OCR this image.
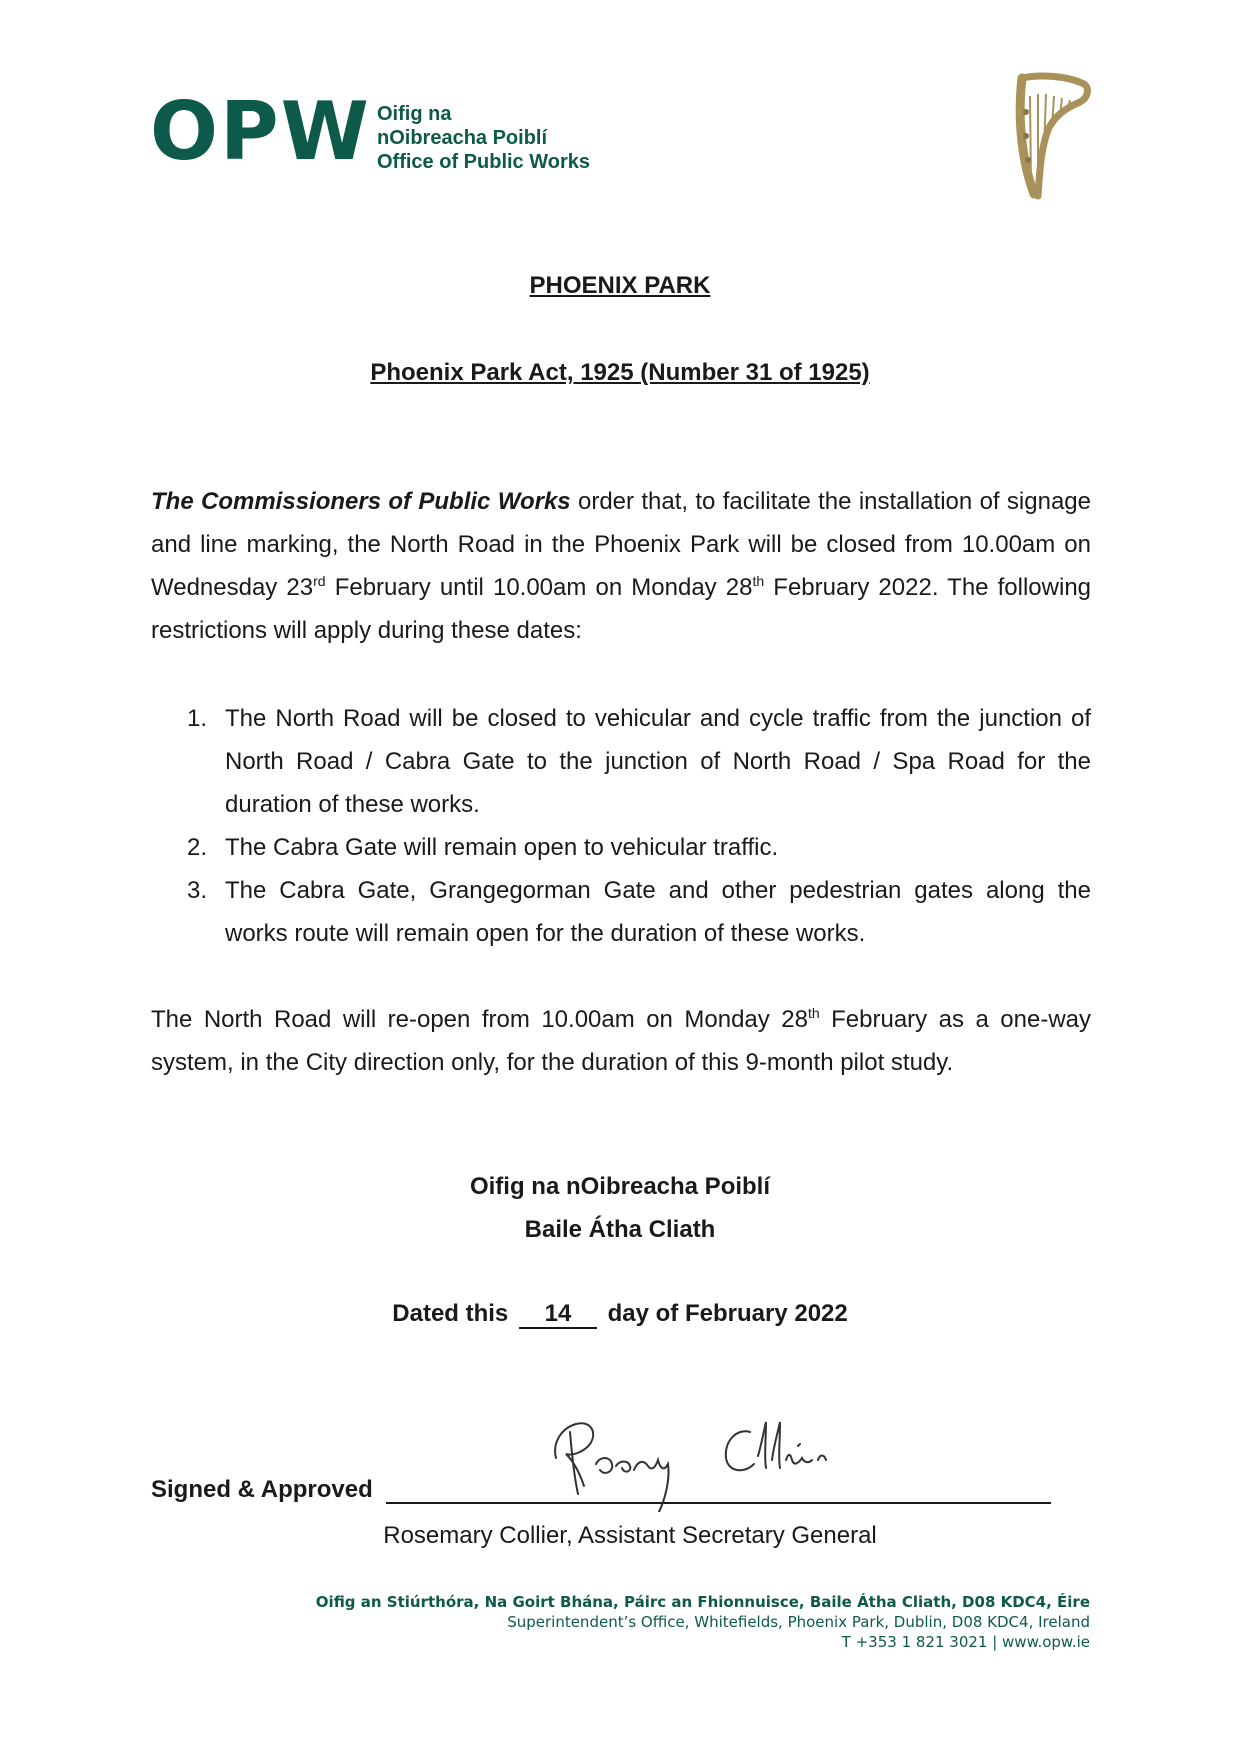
OPW Oifig na
nOibreacha Poiblí
Office of Public Works
PHOENIX PARK
Phoenix Park Act, 1925 (Number 31 of 1925)
The Commissioners of Public Works order that, to facilitate the installation of signage and line marking, the North Road in the Phoenix Park will be closed from 10.00am on Wednesday 23rd February until 10.00am on Monday 28th February 2022. The following restrictions will apply during these dates:
1. The North Road will be closed to vehicular and cycle traffic from the junction of North Road / Cabra Gate to the junction of North Road / Spa Road for the duration of these works.
2. The Cabra Gate will remain open to vehicular traffic.
3. The Cabra Gate, Grangegorman Gate and other pedestrian gates along the works route will remain open for the duration of these works.
The North Road will re-open from 10.00am on Monday 28th February as a one-way system, in the City direction only, for the duration of this 9-month pilot study.
Oifig na nOibreacha Poiblí
Baile Átha Cliath
Dated this 14 day of February 2022
Signed & Approved
Rosemary Collier, Assistant Secretary General
Oifig an Stiúrthóra, Na Goirt Bhána, Páirc an Fhionnuisce, Baile Átha Cliath, D08 KDC4, Éire
Superintendent’s Office, Whitefields, Phoenix Park, Dublin, D08 KDC4, Ireland
T +353 1 821 3021 | www.opw.ie
